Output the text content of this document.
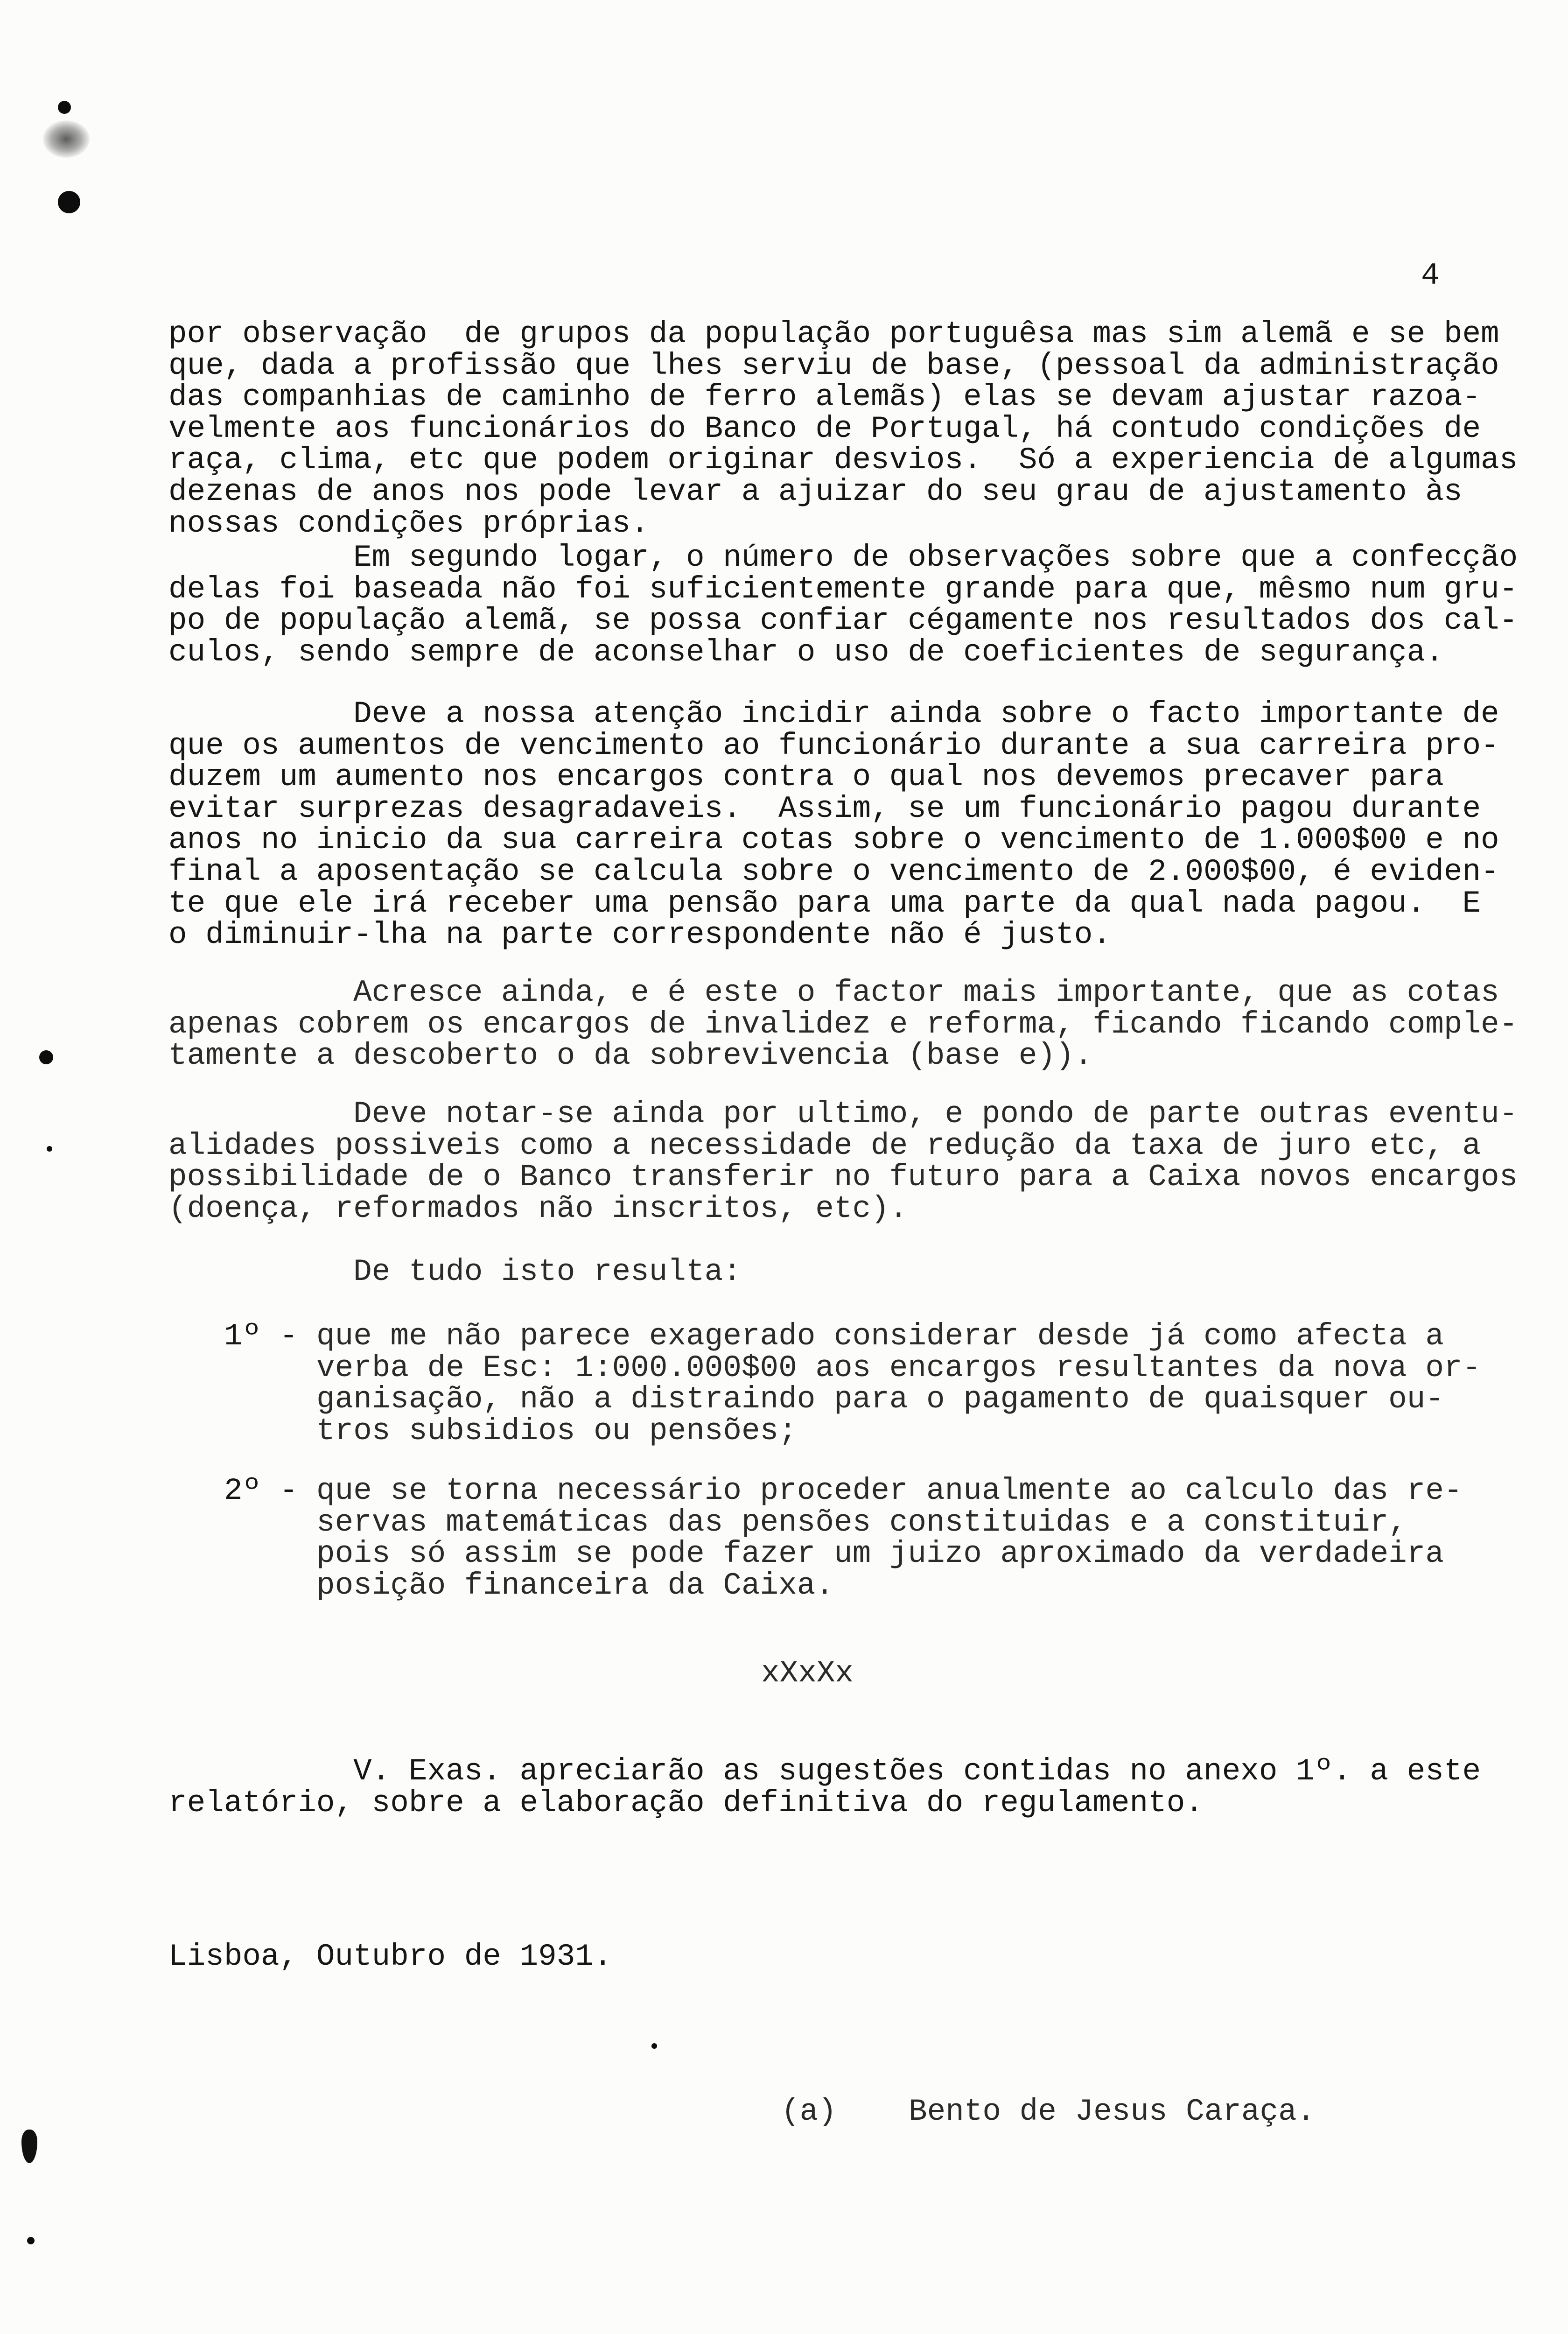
4
por observação  de grupos da população portuguêsa mas sim alemã e se bem
que, dada a profissão que lhes serviu de base, (pessoal da administração
das companhias de caminho de ferro alemãs) elas se devam ajustar razoa-
velmente aos funcionários do Banco de Portugal, há contudo condições de
raça, clima, etc que podem originar desvios.  Só a experiencia de algumas
dezenas de anos nos pode levar a ajuizar do seu grau de ajustamento às
nossas condições próprias.
Em segundo logar, o número de observações sobre que a confecção
delas foi baseada não foi suficientemente grande para que, mêsmo num gru-
po de população alemã, se possa confiar cégamente nos resultados dos cal-
culos, sendo sempre de aconselhar o uso de coeficientes de segurança.
Deve a nossa atenção incidir ainda sobre o facto importante de
que os aumentos de vencimento ao funcionário durante a sua carreira pro-
duzem um aumento nos encargos contra o qual nos devemos precaver para
evitar surprezas desagradaveis.  Assim, se um funcionário pagou durante
anos no inicio da sua carreira cotas sobre o vencimento de 1.000$00 e no
final a aposentação se calcula sobre o vencimento de 2.000$00, é eviden-
te que ele irá receber uma pensão para uma parte da qual nada pagou.  E
o diminuir-lha na parte correspondente não é justo.
Acresce ainda, e é este o factor mais importante, que as cotas
apenas cobrem os encargos de invalidez e reforma, ficando ficando comple-
tamente a descoberto o da sobrevivencia (base e)).
Deve notar-se ainda por ultimo, e pondo de parte outras eventu-
alidades possiveis como a necessidade de redução da taxa de juro etc, a
possibilidade de o Banco transferir no futuro para a Caixa novos encargos
(doença, reformados não inscritos, etc).
De tudo isto resulta:
1º - que me não parece exagerado considerar desde já como afecta a
verba de Esc: 1:000.000$00 aos encargos resultantes da nova or-
ganisação, não a distraindo para o pagamento de quaisquer ou-
tros subsidios ou pensões;
2º - que se torna necessário proceder anualmente ao calculo das re-
servas matemáticas das pensões constituidas e a constituir,
pois só assim se pode fazer um juizo aproximado da verdadeira
posição financeira da Caixa.
xXxXx
V. Exas. apreciarão as sugestões contidas no anexo 1º. a este
relatório, sobre a elaboração definitiva do regulamento.
Lisboa, Outubro de 1931.
(a) Bento de Jesus Caraça.
